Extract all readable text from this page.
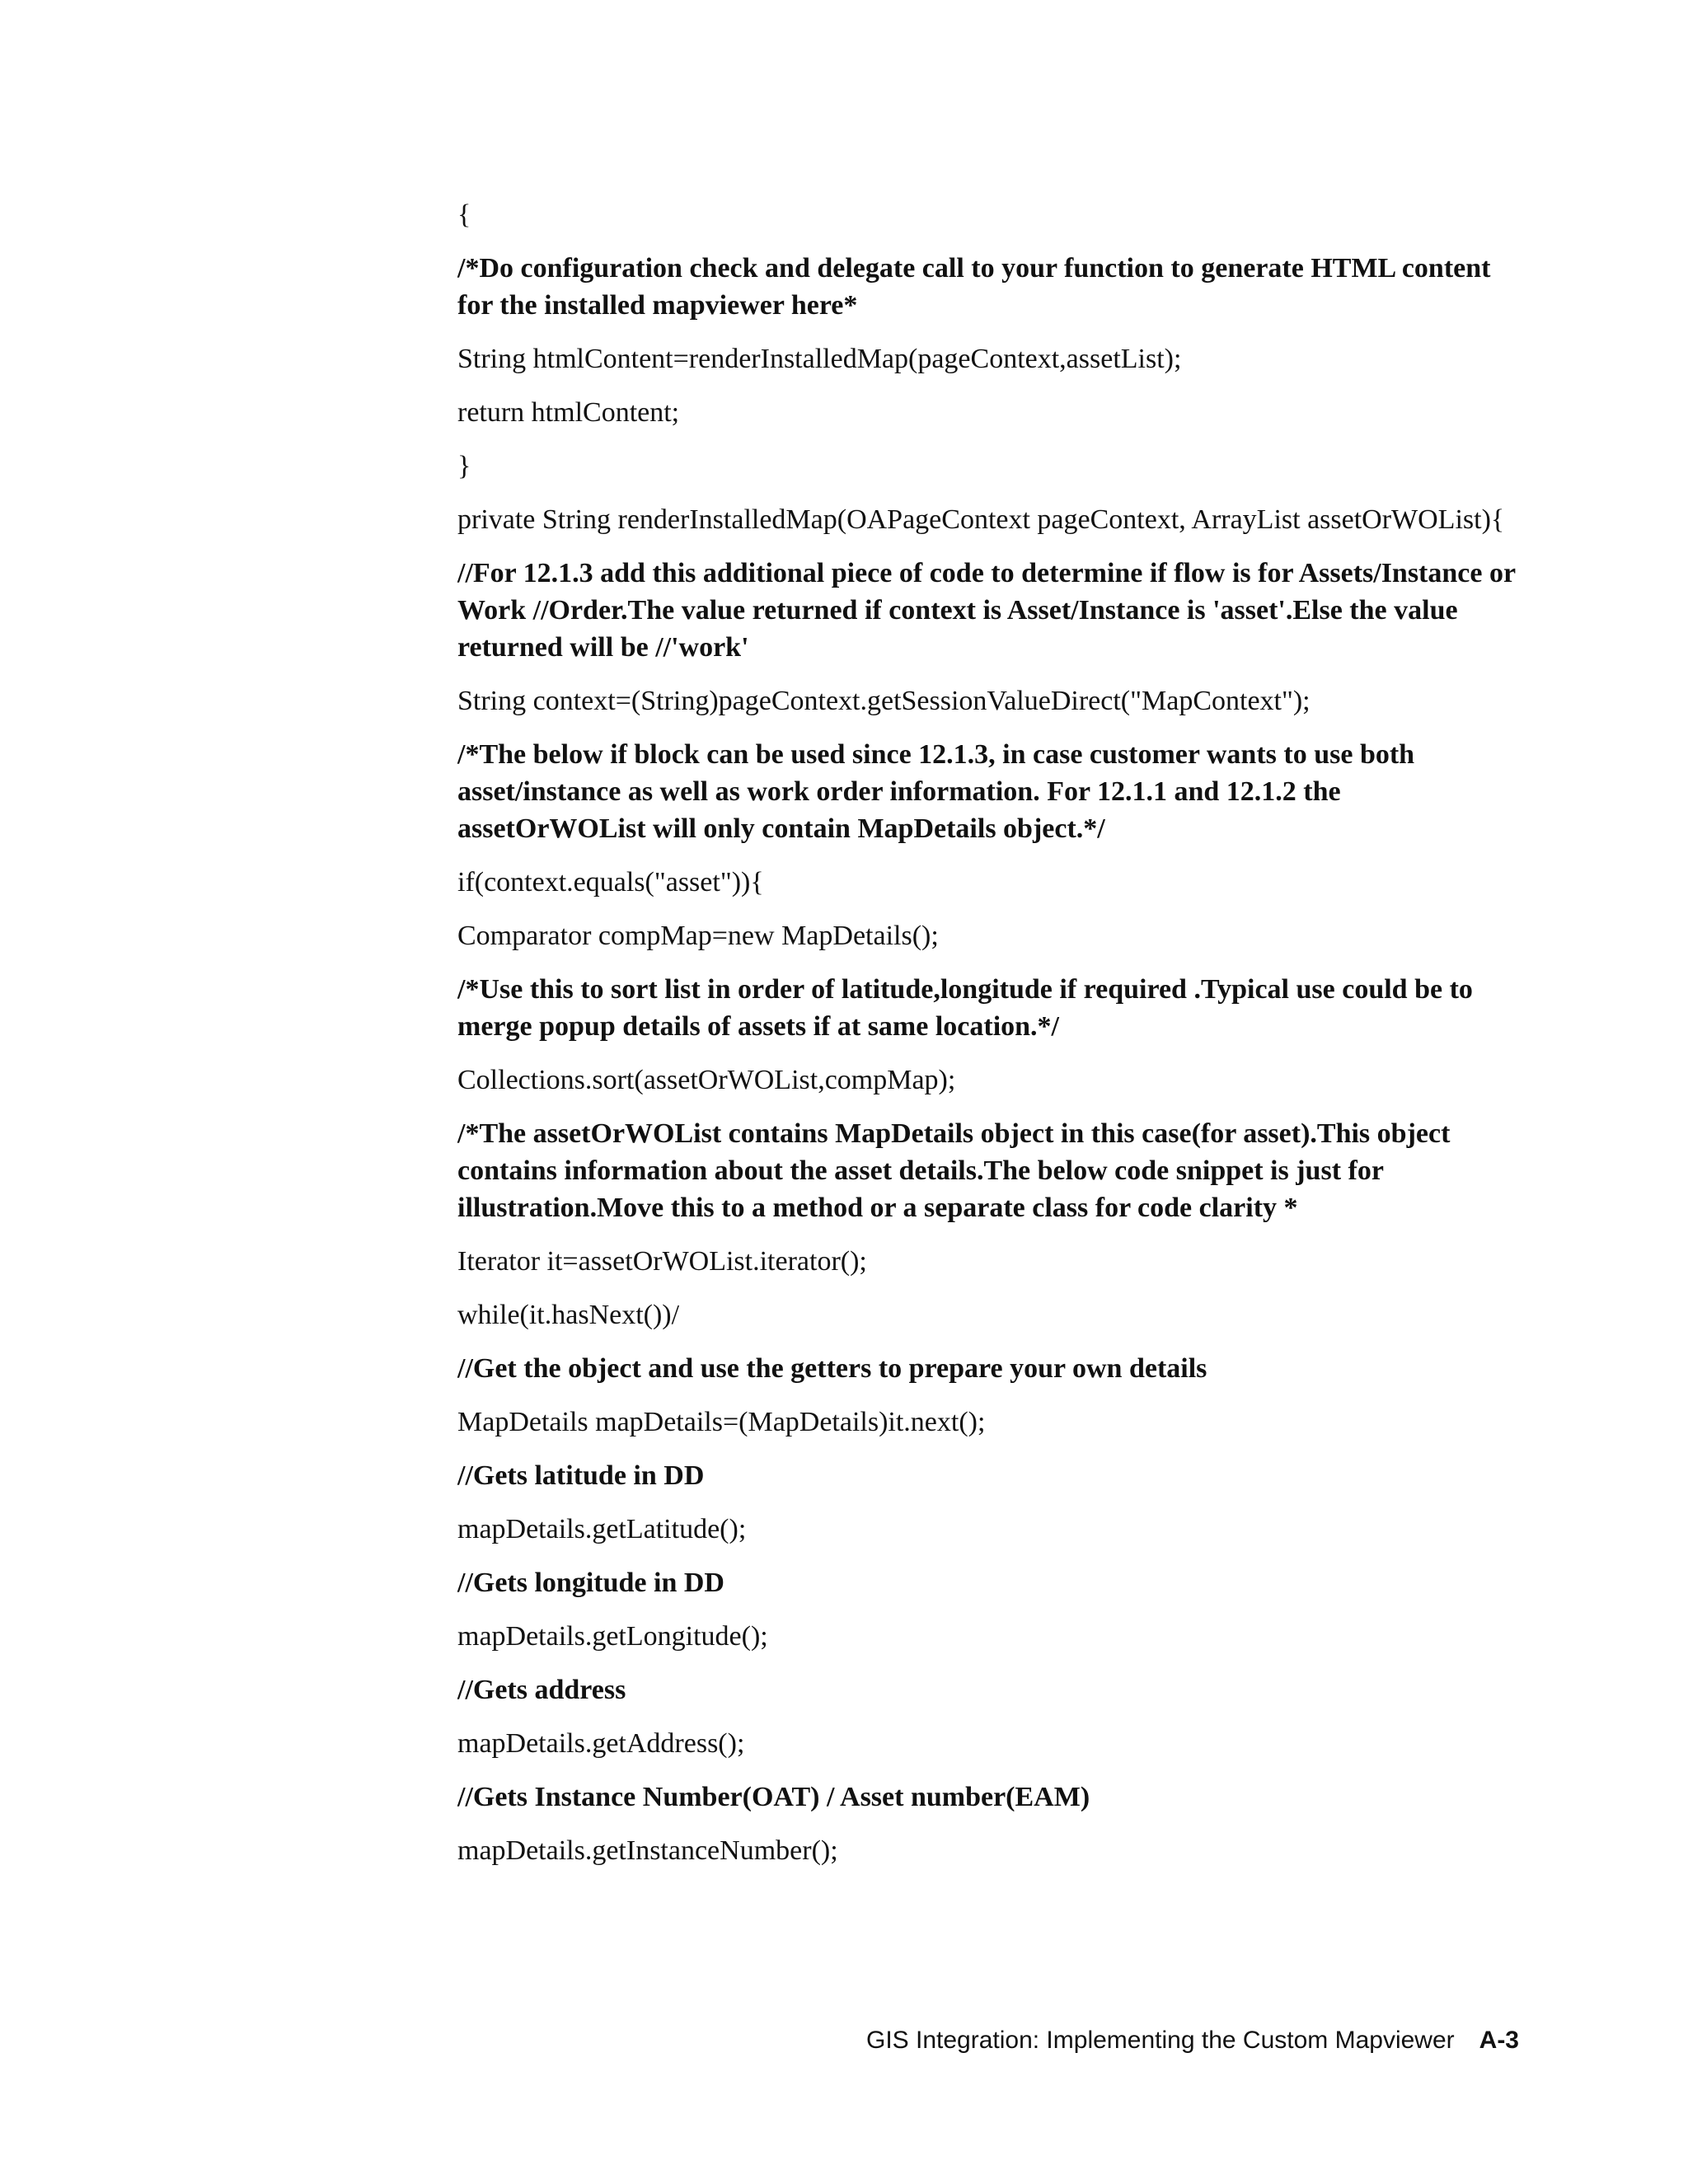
{

/*Do configuration check and delegate call to your function to generate HTML content for the installed mapviewer here*

String htmlContent=renderInstalledMap(pageContext,assetList);

return htmlContent;

}

private String renderInstalledMap(OAPageContext pageContext, ArrayList assetOrWOList){

//For 12.1.3 add this additional piece of code to determine if flow is for Assets/Instance or Work //Order.The value returned if context is Asset/Instance is 'asset'.Else the value returned will be //'work'

String context=(String)pageContext.getSessionValueDirect("MapContext");

/*The below if block can be used since 12.1.3, in case customer wants to use both asset/instance as well as work order information. For 12.1.1 and 12.1.2 the assetOrWOList will only contain MapDetails object.*/

if(context.equals("asset")){

Comparator compMap=new MapDetails();

/*Use this to sort list in order of latitude,longitude if required .Typical use could be to merge popup details of assets if at same location.*/

Collections.sort(assetOrWOList,compMap);

/*The assetOrWOList contains MapDetails object in this case(for asset).This object contains information about the asset details.The below code snippet is just for illustration.Move this to a method or a separate class for code clarity *

Iterator it=assetOrWOList.iterator();

while(it.hasNext())/

//Get the object and use the getters to prepare your own details

MapDetails mapDetails=(MapDetails)it.next();

//Gets latitude in DD

mapDetails.getLatitude();

//Gets longitude in DD

mapDetails.getLongitude();

//Gets address

mapDetails.getAddress();

//Gets Instance Number(OAT) / Asset number(EAM)

mapDetails.getInstanceNumber();

GIS Integration: Implementing the Custom Mapviewer A-3
